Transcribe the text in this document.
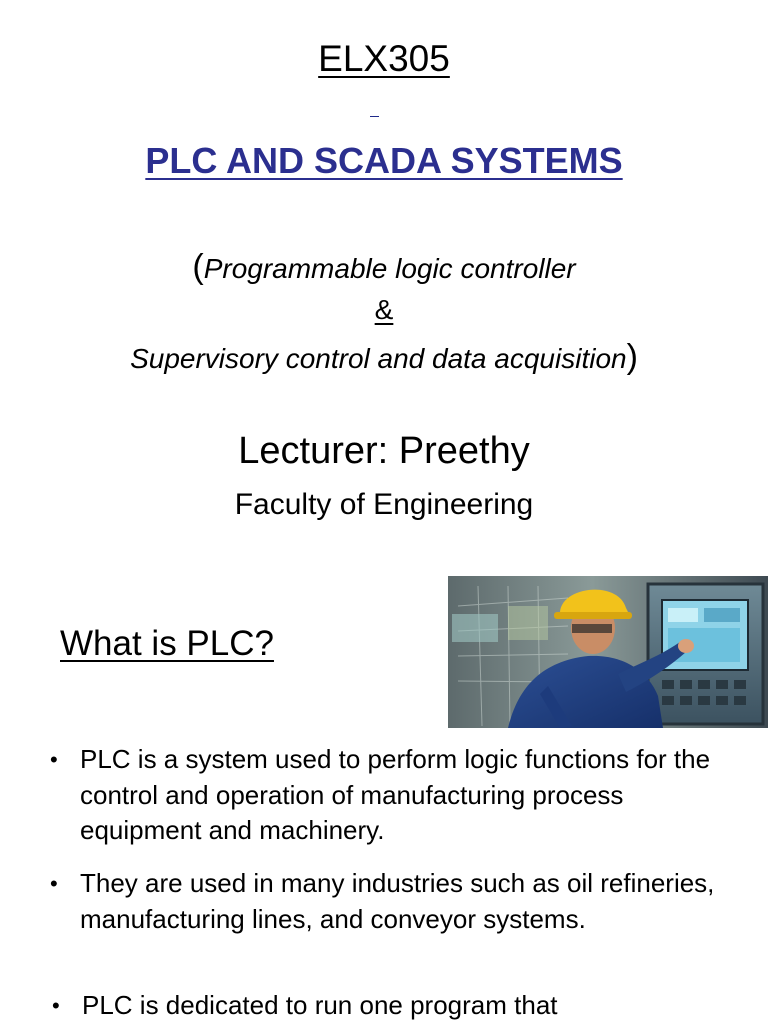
ELX305
PLC AND SCADA SYSTEMS
(Programmable logic controller
&
Supervisory control and data acquisition)
Lecturer: Preethy
Faculty of Engineering
What is PLC?
• PLC is a system used to perform logic functions for the control and operation of manufacturing process equipment and machinery.
• They are used in many industries such as oil refineries, manufacturing lines, and conveyor systems.
• PLC is dedicated to run one program that
